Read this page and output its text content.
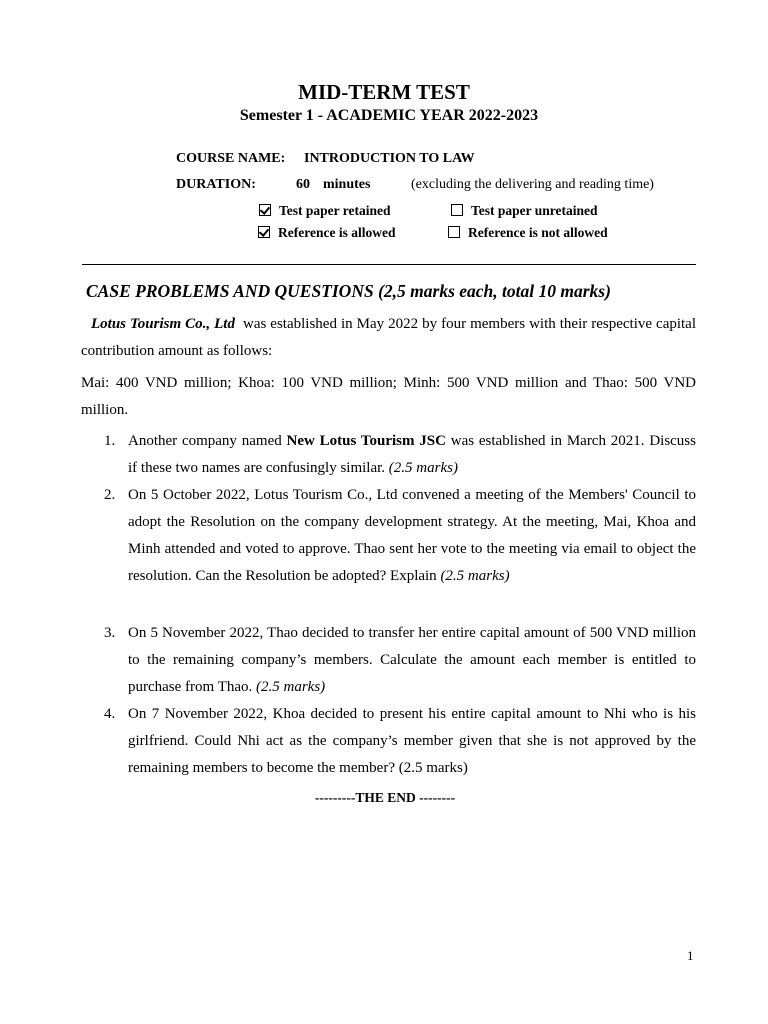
MID-TERM TEST
Semester 1 - ACADEMIC YEAR 2022-2023
COURSE NAME: INTRODUCTION TO LAW
DURATION:	60 minutes	(excluding the delivering and reading time)
Test paper retained	Test paper unretained
Reference is allowed	Reference is not allowed
CASE PROBLEMS AND QUESTIONS (2,5 marks each, total 10 marks)
Lotus Tourism Co., Ltd was established in May 2022 by four members with their respective capital contribution amount as follows:
Mai: 400 VND million; Khoa: 100 VND million; Minh: 500 VND million and Thao: 500 VND million.
1. Another company named New Lotus Tourism JSC was established in March 2021. Discuss if these two names are confusingly similar. (2.5 marks)
2. On 5 October 2022, Lotus Tourism Co., Ltd convened a meeting of the Members' Council to adopt the Resolution on the company development strategy. At the meeting, Mai, Khoa and Minh attended and voted to approve. Thao sent her vote to the meeting via email to object the resolution. Can the Resolution be adopted? Explain (2.5 marks)
3. On 5 November 2022, Thao decided to transfer her entire capital amount of 500 VND million to the remaining company’s members. Calculate the amount each member is entitled to purchase from Thao. (2.5 marks)
4. On 7 November 2022, Khoa decided to present his entire capital amount to Nhi who is his girlfriend. Could Nhi act as the company’s member given that she is not approved by the remaining members to become the member? (2.5 marks)
---------THE END --------
1
